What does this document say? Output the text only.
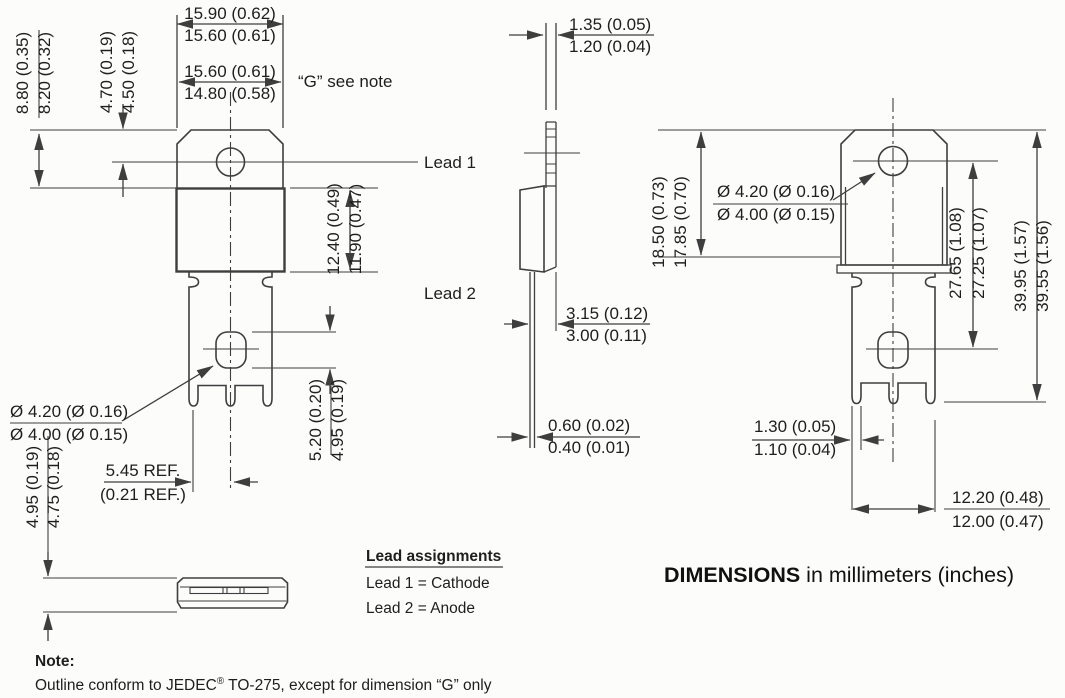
15.90 (0.62)
15.60 (0.61)
15.60 (0.61)
14.80 (0.58)
“G” see note
8.80 (0.35) 8.20 (0.32)	4.70 (0.19) 4.50 (0.18)
Lead 1
Lead 2
12.40 (0.49) 11.90 (0.47)
5.20 (0.20) 4.95 (0.19)
Ø 4.20 (Ø 0.16)
Ø 4.00 (Ø 0.15)
5.45 REF.
(0.21 REF.)
4.95 (0.19) 4.75 (0.18)
1.35 (0.05)
1.20 (0.04)
3.15 (0.12)
3.00 (0.11)
0.60 (0.02)
0.40 (0.01)
18.50 (0.73) 17.85 (0.70) Ø 4.20 (Ø 0.16)
Ø 4.00 (Ø 0.15)	27.65 (1.08) 27.25 (1.07) 39.95 (1.57) 39.55 (1.56)
1.30 (0.05)
1.10 (0.04)
12.20 (0.48)
12.00 (0.47)
Lead assignments
Lead 1 = Cathode
Lead 2 = Anode
DIMENSIONS in millimeters (inches)
Note:
Outline conform to JEDEC® TO-275, except for dimension “G” only
